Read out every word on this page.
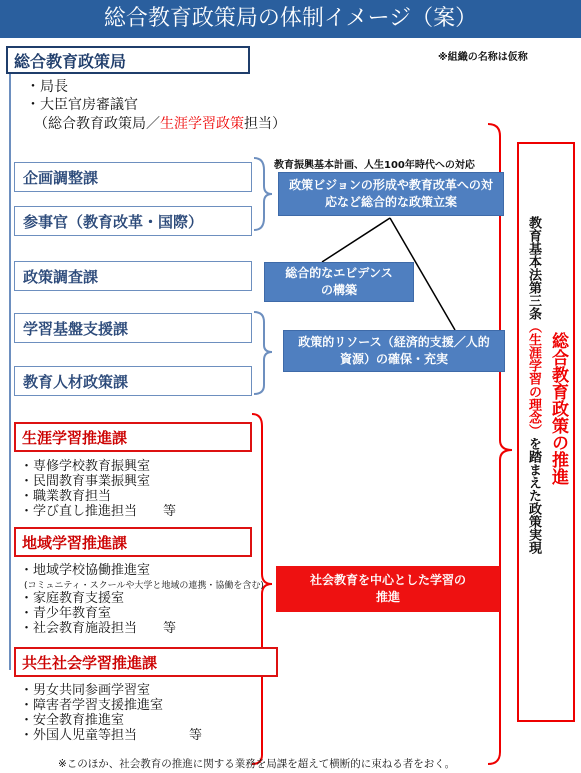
総合教育政策局の体制イメージ（案）
総合教育政策局	※組織の名称は仮称
・局長
・大臣官房審議官
（総合教育政策局／生涯学習政策担当）
企画調整課
参事官（教育改革・国際）
政策調査課
学習基盤支援課
教育人材政策課
教育振興基本計画、人生100年時代への対応
政策ビジョンの形成や教育改革への対応など総合的な政策立案
総合的なエビデンスの構築
政策的リソース（経済的支援／人的資源）の確保・充実
生涯学習推進課
・専修学校教育振興室
・民間教育事業振興室
・職業教育担当
・学び直し推進担当　　等
地域学習推進課
・地域学校協働推進室
(コミュニティ・スクールや大学と地域の連携・協働を含む)
・家庭教育支援室
・青少年教育室
・社会教育施設担当　　等
共生社会学習推進課
・男女共同参画学習室
・障害者学習支援推進室
・安全教育推進室
・外国人児童等担当　　　　等
社会教育を中心とした学習の推進
教育基本法第三条（生涯学習の理念）を踏まえた政策実現
総合教育政策の推進
※このほか、社会教育の推進に関する業務を局課を超えて横断的に束ねる者をおく。
